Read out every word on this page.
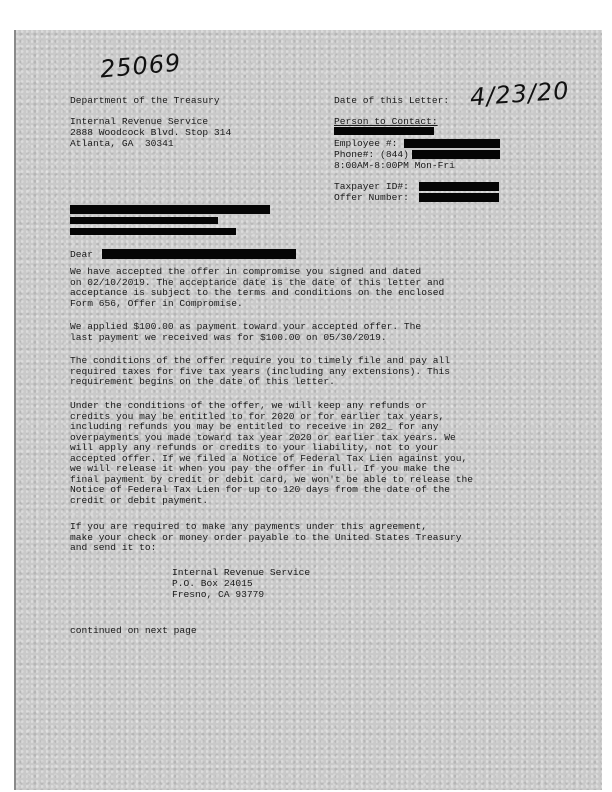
25069
4/23/20
Department of the Treasury
Internal Revenue Service
2888 Woodcock Blvd. Stop 314
Atlanta, GA  30341
Date of this Letter:
Person to Contact:
Employee #:
Phone#: (844)
8:00AM-8:00PM Mon-Fri
Taxpayer ID#:
Offer Number:
Dear
We have accepted the offer in compromise you signed and dated
on 02/10/2019. The acceptance date is the date of this letter and
acceptance is subject to the terms and conditions on the enclosed
Form 656, Offer in Compromise.
We applied $100.00 as payment toward your accepted offer. The
last payment we received was for $100.00 on 05/30/2019.
The conditions of the offer require you to timely file and pay all
required taxes for five tax years (including any extensions). This
requirement begins on the date of this letter.
Under the conditions of the offer, we will keep any refunds or
credits you may be entitled to for 2020 or for earlier tax years,
including refunds you may be entitled to receive in 202_ for any
overpayments you made toward tax year 2020 or earlier tax years. We
will apply any refunds or credits to your liability, not to your
accepted offer. If we filed a Notice of Federal Tax Lien against you,
we will release it when you pay the offer in full. If you make the
final payment by credit or debit card, we won't be able to release the
Notice of Federal Tax Lien for up to 120 days from the date of the
credit or debit payment.
If you are required to make any payments under this agreement,
make your check or money order payable to the United States Treasury
and send it to:
Internal Revenue Service
P.O. Box 24015
Fresno, CA 93779
continued on next page
